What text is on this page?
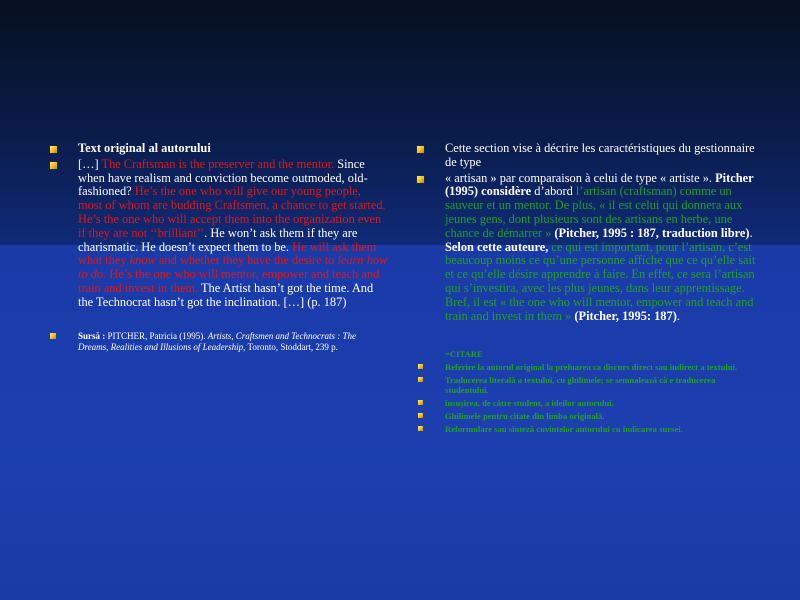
Text original al autorului
[…] The Craftsman is the preserver and the mentor. Since when have realism and conviction become outmoded, old-fashioned? He’s the one who will give our young people, most of whom are budding Craftsmen, a chance to get started. He’s the one who will accept them into the organization even if they are not ‘‘brilliant’’. He won’t ask them if they are charismatic. He doesn’t expect them to be. He will ask them what they know and whether they have the desire to learn how to do. He’s the one who will mentor, empower and teach and train and invest in them. The Artist hasn’t got the time. And the Technocrat hasn’t got the inclination. […] (p. 187)
Sursă : PITCHER, Patricia (1995). Artists, Craftsmen and Technocrats : The Dreams, Realities and Illusions of Leadership, Toronto, Stoddart, 239 p.
Cette section vise à décrire les caractéristiques du gestionnaire de type
« artisan » par comparaison à celui de type « artiste ». Pitcher (1995) considère d’abord l’artisan (craftsman) comme un sauveur et un mentor. De plus, « il est celui qui donnera aux jeunes gens, dont plusieurs sont des artisans en herbe, une chance de démarrer » (Pitcher, 1995 : 187, traduction libre). Selon cette auteure, ce qui est important, pour l’artisan, c’est beaucoup moins ce qu’une personne affiche que ce qu’elle sait et ce qu’elle désire apprendre à faire. En effet, ce sera l’artisan qui s’investira, avec les plus jeunes, dans leur apprentissage. Bref, il est « the one who will mentor, empower and teach and train and invest in them » (Pitcher, 1995: 187).
=CITARE
Referire la autorul original la preluarea ca discurs direct sau indirect a textului.
Traducerea literală a textului, cu ghilimele; se semnalează că e traducerea studentului.
însușirea, de către student, a ideilor autorului.
Ghilimele pentru citate din limba originală.
Reformulare sau sinteză cuvintelor autorului cu indicarea sursei.
